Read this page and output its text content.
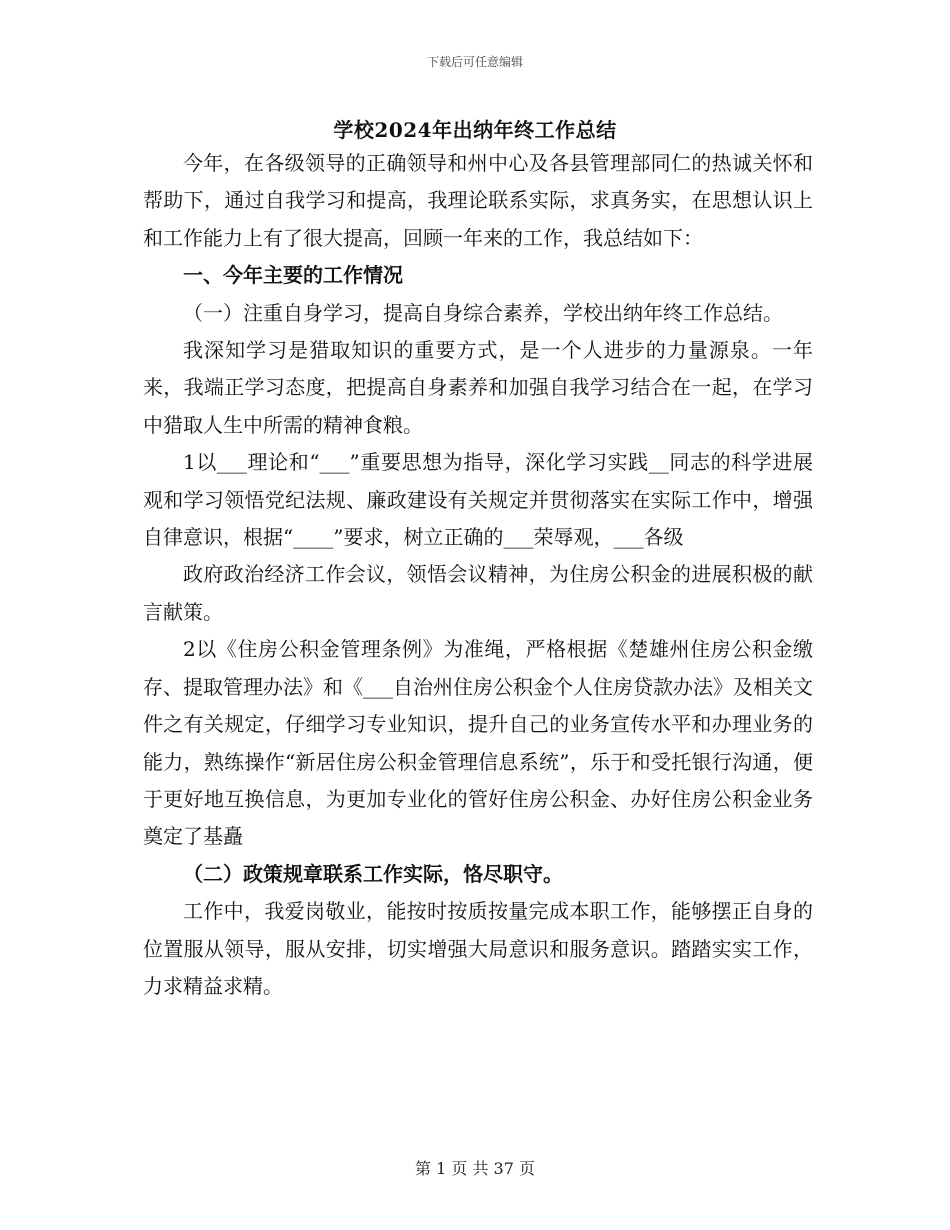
下载后可任意编辑
学校2024年出纳年终工作总结

今年，在各级领导的正确领导和州中心及各县管理部同仁的热诚关怀和帮助下，通过自我学习和提高，我理论联系实际，求真务实，在思想认识上和工作能力上有了很大提高，回顾一年来的工作，我总结如下：

一、今年主要的工作情况

（一）注重自身学习，提高自身综合素养，学校出纳年终工作总结。

我深知学习是猎取知识的重要方式，是一个人进步的力量源泉。一年来，我端正学习态度，把提高自身素养和加强自我学习结合在一起，在学习中猎取人生中所需的精神食粮。

1以___理论和“___”重要思想为指导，深化学习实践__同志的科学进展观和学习领悟党纪法规、廉政建设有关规定并贯彻落实在实际工作中，增强自律意识，根据“____”要求，树立正确的___荣辱观，___各级

政府政治经济工作会议，领悟会议精神，为住房公积金的进展积极的献言献策。

2以《住房公积金管理条例》为准绳，严格根据《楚雄州住房公积金缴存、提取管理办法》和《___自治州住房公积金个人住房贷款办法》及相关文件之有关规定，仔细学习专业知识，提升自己的业务宣传水平和办理业务的能力，熟练操作“新居住房公积金管理信息系统”，乐于和受托银行沟通，便于更好地互换信息，为更加专业化的管好住房公积金、办好住房公积金业务奠定了基矗

（二）政策规章联系工作实际，恪尽职守。

工作中，我爱岗敬业，能按时按质按量完成本职工作，能够摆正自身的位置服从领导，服从安排，切实增强大局意识和服务意识。踏踏实实工作，力求精益求精。

第 1 页 共 37 页
